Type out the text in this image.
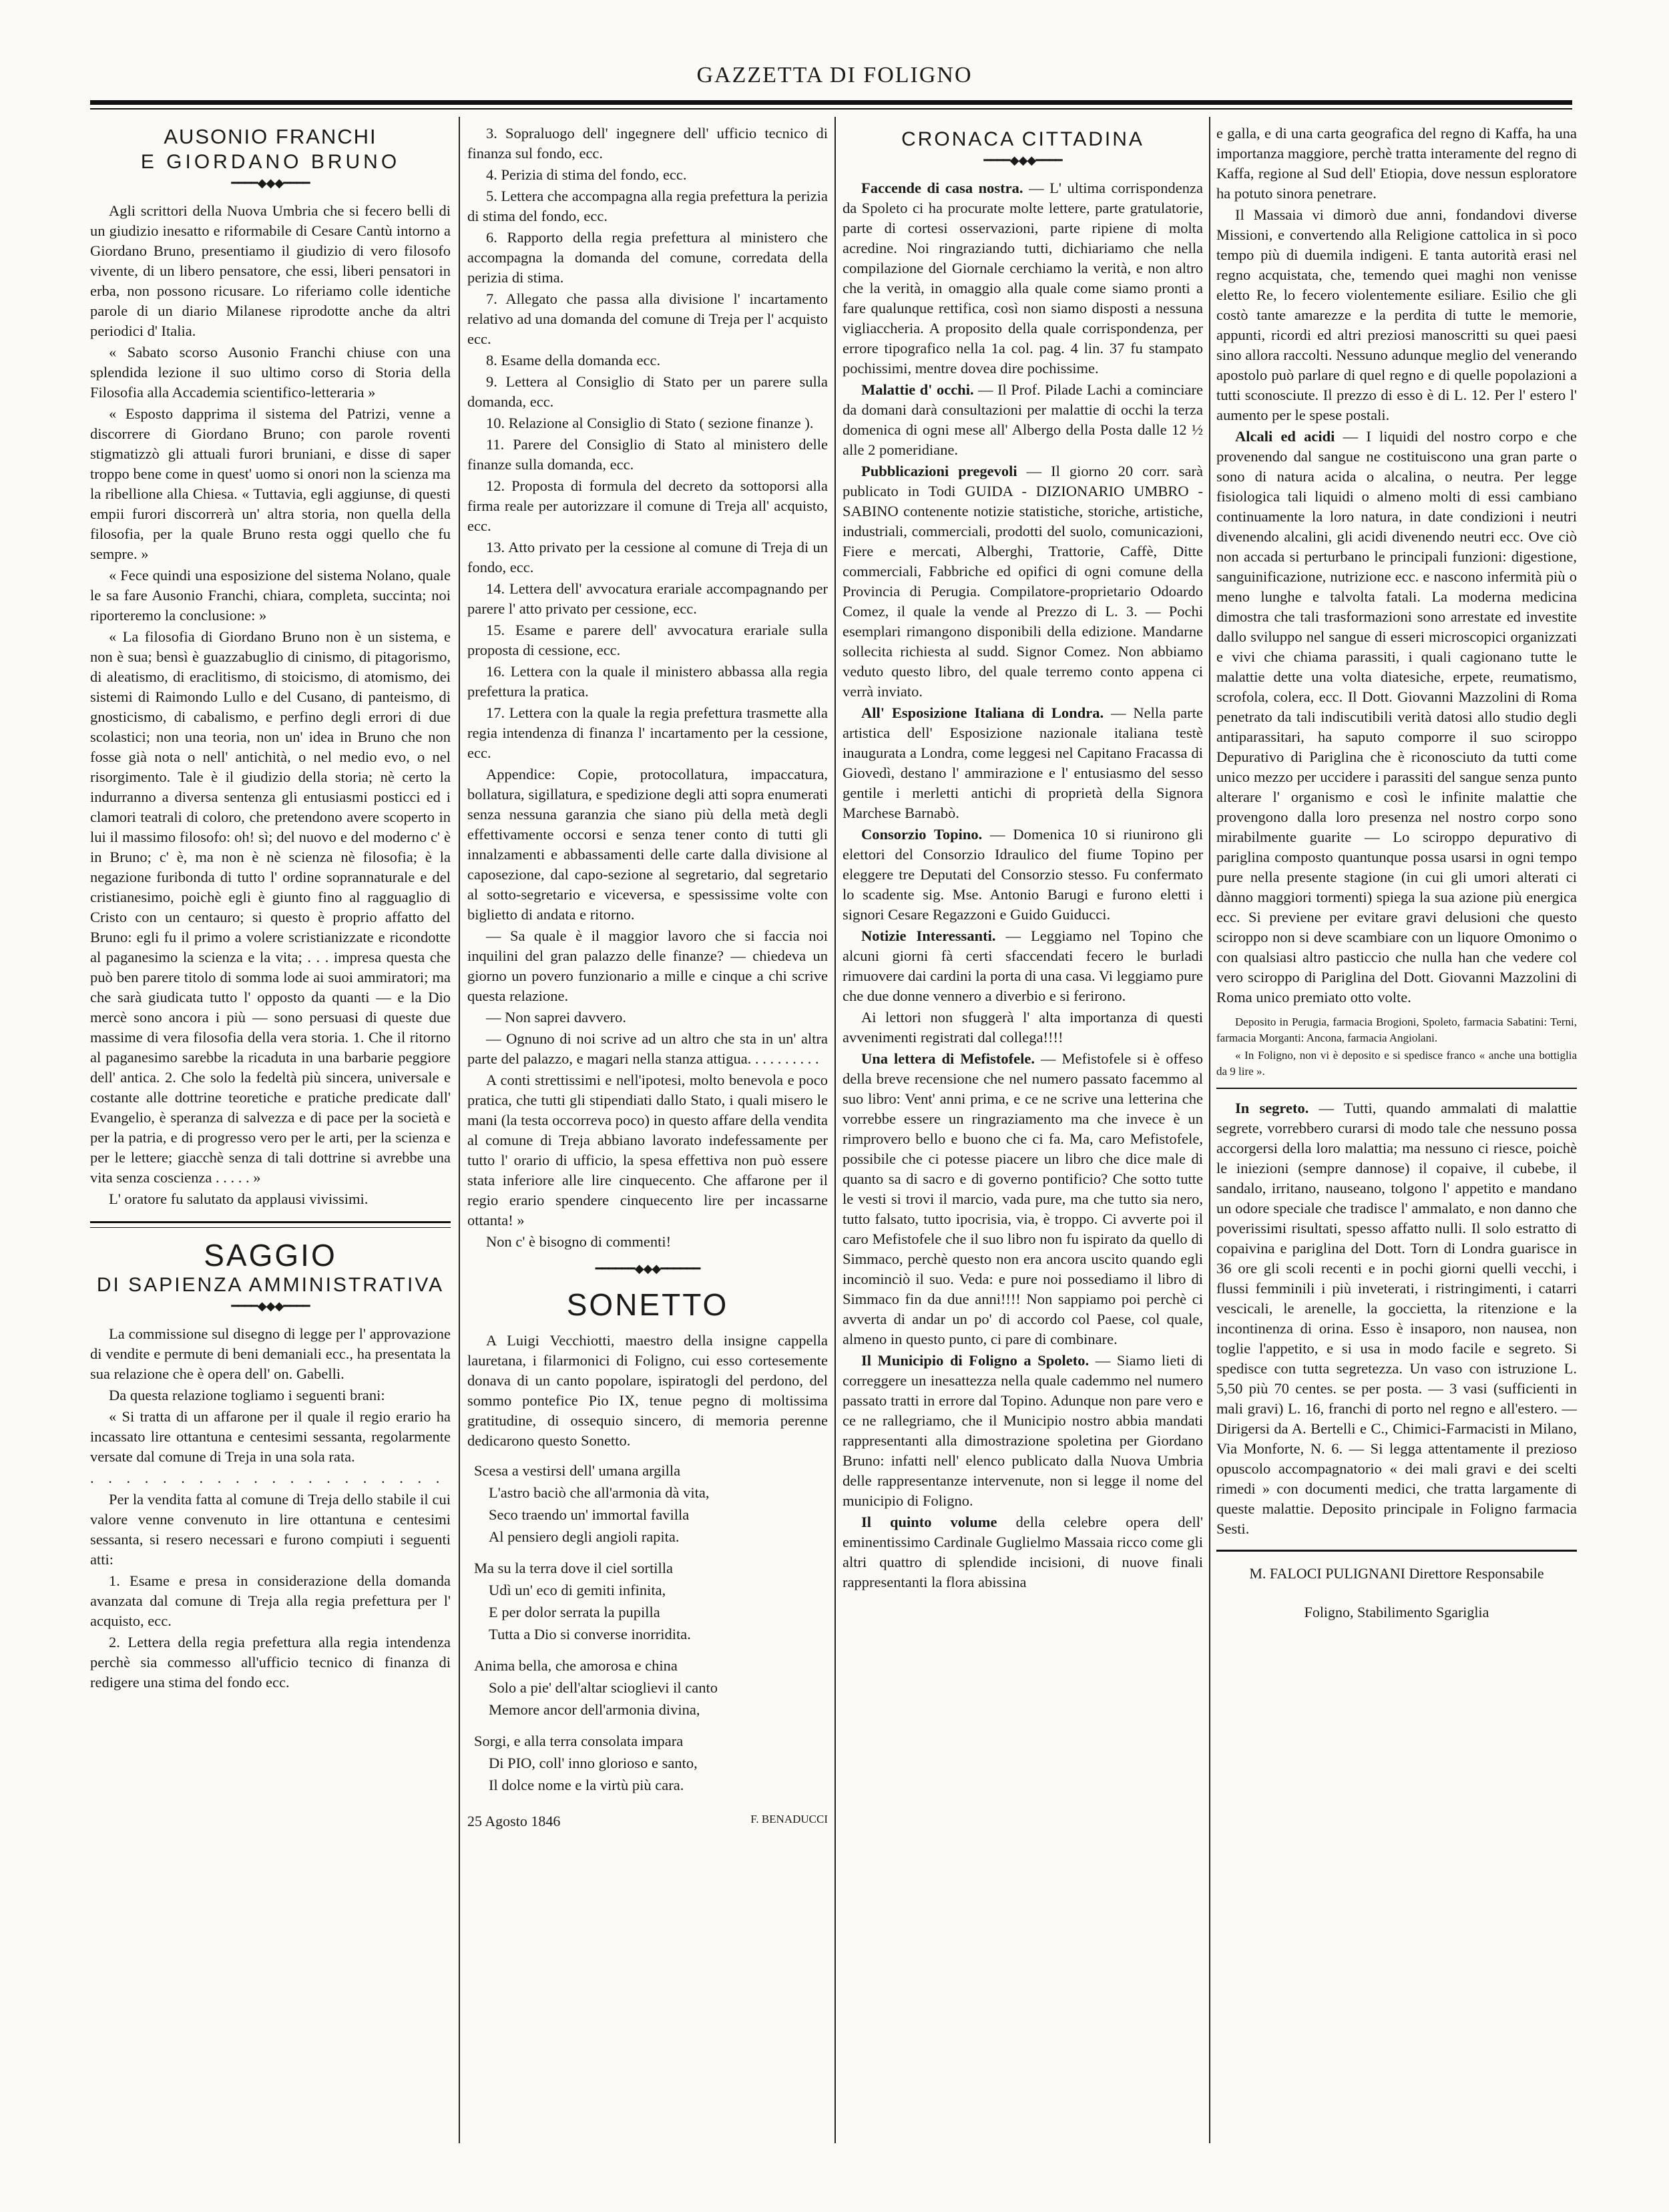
GAZZETTA DI FOLIGNO
AUSONIO FRANCHI
E GIORDANO BRUNO
━━━━◆◆◆━━━━

Agli scrittori della Nuova Umbria che si fecero belli di un giudizio inesatto e riformabile di Cesare Cantù intorno a Giordano Bruno, presentiamo il giudizio di vero filosofo vivente, di un libero pensatore, che essi, liberi pensatori in erba, non possono ricusare. Lo riferiamo colle identiche parole di un diario Milanese riprodotte anche da altri periodici d' Italia.

« Sabato scorso Ausonio Franchi chiuse con una splendida lezione il suo ultimo corso di Storia della Filosofia alla Accademia scientifico-letteraria »

« Esposto dapprima il sistema del Patrizi, venne a discorrere di Giordano Bruno; con parole roventi stigmatizzò gli attuali furori bruniani, e disse di saper troppo bene come in quest' uomo si onori non la scienza ma la ribellione alla Chiesa. « Tuttavia, egli aggiunse, di questi empii furori discorrerà un' altra storia, non quella della filosofia, per la quale Bruno resta oggi quello che fu sempre. »

« Fece quindi una esposizione del sistema Nolano, quale le sa fare Ausonio Franchi, chiara, completa, succinta; noi riporteremo la conclusione: »

« La filosofia di Giordano Bruno non è un sistema, e non è sua; bensì è guazzabuglio di cinismo, di pitagorismo, di aleatismo, di eraclitismo, di stoicismo, di atomismo, dei sistemi di Raimondo Lullo e del Cusano, di panteismo, di gnosticismo, di cabalismo, e perfino degli errori di due scolastici; non una teoria, non un' idea in Bruno che non fosse già nota o nell' antichità, o nel medio evo, o nel risorgimento. Tale è il giudizio della storia; nè certo la indurranno a diversa sentenza gli entusiasmi posticci ed i clamori teatrali di coloro, che pretendono avere scoperto in lui il massimo filosofo: oh! sì; del nuovo e del moderno c' è in Bruno; c' è, ma non è nè scienza nè filosofia; è la negazione furibonda di tutto l' ordine soprannaturale e del cristianesimo, poichè egli è giunto fino al ragguaglio di Cristo con un centauro; si questo è proprio affatto del Bruno: egli fu il primo a volere scristianizzate e ricondotte al paganesimo la scienza e la vita; . . . impresa questa che può ben parere titolo di somma lode ai suoi ammiratori; ma che sarà giudicata tutto l' opposto da quanti — e la Dio mercè sono ancora i più — sono persuasi di queste due massime di vera filosofia della vera storia. 1. Che il ritorno al paganesimo sarebbe la ricaduta in una barbarie peggiore dell' antica. 2. Che solo la fedeltà più sincera, universale e costante alle dottrine teoretiche e pratiche predicate dall' Evangelio, è speranza di salvezza e di pace per la società e per la patria, e di progresso vero per le arti, per la scienza e per le lettere; giacchè senza di tali dottrine si avrebbe una vita senza coscienza . . . . . »

L' oratore fu salutato da applausi vivissimi.

SAGGIO
DI SAPIENZA AMMINISTRATIVA
━━━━◆◆◆━━━━

La commissione sul disegno di legge per l' approvazione di vendite e permute di beni demaniali ecc., ha presentata la sua relazione che è opera dell' on. Gabelli.

Da questa relazione togliamo i seguenti brani:

« Si tratta di un affarone per il quale il regio erario ha incassato lire ottantuna e centesimi sessanta, regolarmente versate dal comune di Treja in una sola rata.

. . . . . . . . . . . . . . . . . . . .

Per la vendita fatta al comune di Treja dello stabile il cui valore venne convenuto in lire ottantuna e centesimi sessanta, si resero necessari e furono compiuti i seguenti atti:

1. Esame e presa in considerazione della domanda avanzata dal comune di Treja alla regia prefettura per l' acquisto, ecc.

2. Lettera della regia prefettura alla regia intendenza perchè sia commesso all'ufficio tecnico di finanza di redigere una stima del fondo ecc.

3. Sopraluogo dell' ingegnere dell' ufficio tecnico di finanza sul fondo, ecc.

4. Perizia di stima del fondo, ecc.

5. Lettera che accompagna alla regia prefettura la perizia di stima del fondo, ecc.

6. Rapporto della regia prefettura al ministero che accompagna la domanda del comune, corredata della perizia di stima.

7. Allegato che passa alla divisione l' incartamento relativo ad una domanda del comune di Treja per l' acquisto ecc.

8. Esame della domanda ecc.

9. Lettera al Consiglio di Stato per un parere sulla domanda, ecc.

10. Relazione al Consiglio di Stato ( sezione finanze ).

11. Parere del Consiglio di Stato al ministero delle finanze sulla domanda, ecc.

12. Proposta di formula del decreto da sottoporsi alla firma reale per autorizzare il comune di Treja all' acquisto, ecc.

13. Atto privato per la cessione al comune di Treja di un fondo, ecc.

14. Lettera dell' avvocatura erariale accompagnando per parere l' atto privato per cessione, ecc.

15. Esame e parere dell' avvocatura erariale sulla proposta di cessione, ecc.

16. Lettera con la quale il ministero abbassa alla regia prefettura la pratica.

17. Lettera con la quale la regia prefettura trasmette alla regia intendenza di finanza l' incartamento per la cessione, ecc.

Appendice: Copie, protocollatura, impaccatura, bollatura, sigillatura, e spedizione degli atti sopra enumerati senza nessuna garanzia che siano più della metà degli effettivamente occorsi e senza tener conto di tutti gli innalzamenti e abbassamenti delle carte dalla divisione al caposezione, dal capo-sezione al segretario, dal segretario al sotto-segretario e viceversa, e spessissime volte con biglietto di andata e ritorno.

— Sa quale è il maggior lavoro che si faccia noi inquilini del gran palazzo delle finanze? — chiedeva un giorno un povero funzionario a mille e cinque a chi scrive questa relazione.

— Non saprei davvero.

— Ognuno di noi scrive ad un altro che sta in un' altra parte del palazzo, e magari nella stanza attigua. . . . . . . . . .

A conti strettissimi e nell'ipotesi, molto benevola e poco pratica, che tutti gli stipendiati dallo Stato, i quali misero le mani (la testa occorreva poco) in questo affare della vendita al comune di Treja abbiano lavorato indefessamente per tutto l' orario di ufficio, la spesa effettiva non può essere stata inferiore alle lire cinquecento. Che affarone per il regio erario spendere cinquecento lire per incassarne ottanta! »

Non c' è bisogno di commenti!

━━━━━━◆◆◆━━━━━━
SONETTO

A Luigi Vecchiotti, maestro della insigne cappella lauretana, i filarmonici di Foligno, cui esso cortesemente donava di un canto popolare, ispiratogli del perdono, del sommo pontefice Pio IX, tenue pegno di moltissima gratitudine, di ossequio sincero, di memoria perenne dedicarono questo Sonetto.

Scesa a vestirsi dell' umana argilla

L'astro baciò che all'armonia dà vita,

Seco traendo un' immortal favilla

Al pensiero degli angioli rapita.

Ma su la terra dove il ciel sortilla

Udì un' eco di gemiti infinita,

E per dolor serrata la pupilla

Tutta a Dio si converse inorridita.

Anima bella, che amorosa e china

Solo a pie' dell'altar scioglievi il canto

Memore ancor dell'armonia divina,

Sorgi, e alla terra consolata impara

Di PIO, coll' inno glorioso e santo,

Il dolce nome e la virtù più cara.

25 Agosto 1846	F. BENADUCCI
CRONACA CITTADINA
━━━━◆◆◆━━━━

Faccende di casa nostra. — L' ultima corrispondenza da Spoleto ci ha procurate molte lettere, parte gratulatorie, parte di cortesi osservazioni, parte ripiene di molta acredine. Noi ringraziando tutti, dichiariamo che nella compilazione del Giornale cerchiamo la verità, e non altro che la verità, in omaggio alla quale come siamo pronti a fare qualunque rettifica, così non siamo disposti a nessuna vigliaccheria. A proposito della quale corrispondenza, per errore tipografico nella 1a col. pag. 4 lin. 37 fu stampato pochissimi, mentre dovea dire pochissime.

Malattie d' occhi. — Il Prof. Pilade Lachi a cominciare da domani darà consultazioni per malattie di occhi la terza domenica di ogni mese all' Albergo della Posta dalle 12 ½ alle 2 pomeridiane.

Pubblicazioni pregevoli — Il giorno 20 corr. sarà publicato in Todi GUIDA - DIZIONARIO UMBRO - SABINO contenente notizie statistiche, storiche, artistiche, industriali, commerciali, prodotti del suolo, comunicazioni, Fiere e mercati, Alberghi, Trattorie, Caffè, Ditte commerciali, Fabbriche ed opifici di ogni comune della Provincia di Perugia. Compilatore-proprietario Odoardo Comez, il quale la vende al Prezzo di L. 3. — Pochi esemplari rimangono disponibili della edizione. Mandarne sollecita richiesta al sudd. Signor Comez. Non abbiamo veduto questo libro, del quale terremo conto appena ci verrà inviato.

All' Esposizione Italiana di Londra. — Nella parte artistica dell' Esposizione nazionale italiana testè inaugurata a Londra, come leggesi nel Capitano Fracassa di Giovedì, destano l' ammirazione e l' entusiasmo del sesso gentile i merletti antichi di proprietà della Signora Marchese Barnabò.

Consorzio Topino. — Domenica 10 si riunirono gli elettori del Consorzio Idraulico del fiume Topino per eleggere tre Deputati del Consorzio stesso. Fu confermato lo scadente sig. Mse. Antonio Barugi e furono eletti i signori Cesare Regazzoni e Guido Guiducci.

Notizie Interessanti. — Leggiamo nel Topino che alcuni giorni fà certi sfaccendati fecero le burladi rimuovere dai cardini la porta di una casa. Vi leggiamo pure che due donne vennero a diverbio e si ferirono.

Ai lettori non sfuggerà l' alta importanza di questi avvenimenti registrati dal collega!!!!

Una lettera di Mefistofele. — Mefistofele si è offeso della breve recensione che nel numero passato facemmo al suo libro: Vent' anni prima, e ce ne scrive una letterina che vorrebbe essere un ringraziamento ma che invece è un rimprovero bello e buono che ci fa. Ma, caro Mefistofele, possibile che ci potesse piacere un libro che dice male di quanto sa di sacro e di governo pontificio? Che sotto tutte le vesti si trovi il marcio, vada pure, ma che tutto sia nero, tutto falsato, tutto ipocrisia, via, è troppo. Ci avverte poi il caro Mefistofele che il suo libro non fu ispirato da quello di Simmaco, perchè questo non era ancora uscito quando egli incominciò il suo. Veda: e pure noi possediamo il libro di Simmaco fin da due anni!!!! Non sappiamo poi perchè ci avverta di andar un po' di accordo col Paese, col quale, almeno in questo punto, ci pare di combinare.

Il Municipio di Foligno a Spoleto. — Siamo lieti di correggere un inesattezza nella quale cademmo nel numero passato tratti in errore dal Topino. Adunque non pare vero e ce ne rallegriamo, che il Municipio nostro abbia mandati rappresentanti alla dimostrazione spoletina per Giordano Bruno: infatti nell' elenco publicato dalla Nuova Umbria delle rappresentanze intervenute, non si legge il nome del municipio di Foligno.

Il quinto volume della celebre opera dell' eminentissimo Cardinale Guglielmo Massaia ricco come gli altri quattro di splendide incisioni, di nuove finali rappresentanti la flora abissina

e galla, e di una carta geografica del regno di Kaffa, ha una importanza maggiore, perchè tratta interamente del regno di Kaffa, regione al Sud dell' Etiopia, dove nessun esploratore ha potuto sinora penetrare.

Il Massaia vi dimorò due anni, fondandovi diverse Missioni, e convertendo alla Religione cattolica in sì poco tempo più di duemila indigeni. E tanta autorità erasi nel regno acquistata, che, temendo quei maghi non venisse eletto Re, lo fecero violentemente esiliare. Esilio che gli costò tante amarezze e la perdita di tutte le memorie, appunti, ricordi ed altri preziosi manoscritti su quei paesi sino allora raccolti. Nessuno adunque meglio del venerando apostolo può parlare di quel regno e di quelle popolazioni a tutti sconosciute. Il prezzo di esso è di L. 12. Per l' estero l' aumento per le spese postali.

Alcali ed acidi — I liquidi del nostro corpo e che provenendo dal sangue ne costituiscono una gran parte o sono di natura acida o alcalina, o neutra. Per legge fisiologica tali liquidi o almeno molti di essi cambiano continuamente la loro natura, in date condizioni i neutri divenendo alcalini, gli acidi divenendo neutri ecc. Ove ciò non accada si perturbano le principali funzioni: digestione, sanguinificazione, nutrizione ecc. e nascono infermità più o meno lunghe e talvolta fatali. La moderna medicina dimostra che tali trasformazioni sono arrestate ed investite dallo sviluppo nel sangue di esseri microscopici organizzati e vivi che chiama parassiti, i quali cagionano tutte le malattie dette una volta diatesiche, erpete, reumatismo, scrofola, colera, ecc. Il Dott. Giovanni Mazzolini di Roma penetrato da tali indiscutibili verità datosi allo studio degli antiparassitari, ha saputo comporre il suo sciroppo Depurativo di Pariglina che è riconosciuto da tutti come unico mezzo per uccidere i parassiti del sangue senza punto alterare l' organismo e così le infinite malattie che provengono dalla loro presenza nel nostro corpo sono mirabilmente guarite — Lo sciroppo depurativo di pariglina composto quantunque possa usarsi in ogni tempo pure nella presente stagione (in cui gli umori alterati ci dànno maggiori tormenti) spiega la sua azione più energica ecc. Si previene per evitare gravi delusioni che questo sciroppo non si deve scambiare con un liquore Omonimo o con qualsiasi altro pasticcio che nulla han che vedere col vero sciroppo di Pariglina del Dott. Giovanni Mazzolini di Roma unico premiato otto volte.

Deposito in Perugia, farmacia Brogioni, Spoleto, farmacia Sabatini: Terni, farmacia Morganti: Ancona, farmacia Angiolani.

« In Foligno, non vi è deposito e si spedisce franco « anche una bottiglia da 9 lire ».

In segreto. — Tutti, quando ammalati di malattie segrete, vorrebbero curarsi di modo tale che nessuno possa accorgersi della loro malattia; ma nessuno ci riesce, poichè le iniezioni (sempre dannose) il copaive, il cubebe, il sandalo, irritano, nauseano, tolgono l' appetito e mandano un odore speciale che tradisce l' ammalato, e non danno che poverissimi risultati, spesso affatto nulli. Il solo estratto di copaivina e pariglina del Dott. Torn di Londra guarisce in 36 ore gli scoli recenti e in pochi giorni quelli vecchi, i flussi femminili i più inveterati, i ristringimenti, i catarri vescicali, le arenelle, la goccietta, la ritenzione e la incontinenza di orina. Esso è insaporo, non nausea, non toglie l'appetito, e si usa in modo facile e segreto. Si spedisce con tutta segretezza. Un vaso con istruzione L. 5,50 più 70 centes. se per posta. — 3 vasi (sufficienti in mali gravi) L. 16, franchi di porto nel regno e all'estero. — Dirigersi da A. Bertelli e C., Chimici-Farmacisti in Milano, Via Monforte, N. 6. — Si legga attentamente il prezioso opuscolo accompagnatorio « dei mali gravi e dei scelti rimedi » con documenti medici, che tratta largamente di queste malattie. Deposito principale in Foligno farmacia Sesti.

M. FALOCI PULIGNANI Direttore Responsabile

Foligno, Stabilimento Sgariglia
